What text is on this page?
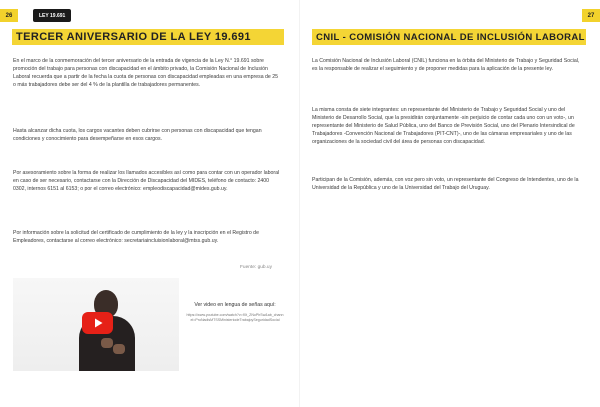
26	LEY 19.691
TERCER ANIVERSARIO DE LA LEY 19.691
En el marco de la conmemoración del tercer aniversario de la entrada de vigencia de la Ley N.° 19.691 sobre promoción del trabajo para personas con discapacidad en el ámbito privado, la Comisión Nacional de Inclusión Laboral recuerda que a partir de la fecha la cuota de personas con discapacidad empleadas en una empresa de 25 o más trabajadores debe ser del 4 % de la plantilla de trabajadores permanentes.
Hasta alcanzar dicha cuota, los cargos vacantes deben cubrirse con personas con discapacidad que tengan condiciones y conocimiento para desempeñarse en esos cargos.
Por asesoramiento sobre la forma de realizar los llamados accesibles así como para contar con un operador laboral en caso de ser necesario, contactarse con la Dirección de Discapacidad del MIDES, teléfono de contacto: 2400 0302, internos 6151 al 6153; o por el correo electrónico: empleodiscapacidad@mides.gub.uy.
Por información sobre la solicitud del certificado de cumplimiento de la ley y la inscripción en el Registro de Empleadores, contactarse al correo electrónico: secretariaincluisionlaboral@mtss.gub.uy.
Fuente: gub.uy
Ver video en lengua de señas aquí:
https://www.youtube.com/watch?v=fXt_ZNoPhSw&ab_channel=ProNadisMTSSMinisteriodeTrabajoySeguridadSocial
27
CNIL - COMISIÓN NACIONAL DE INCLUSIÓN LABORAL
La Comisión Nacional de Inclusión Laboral (CNIL) funciona en la órbita del Ministerio de Trabajo y Seguridad Social, es la responsable de realizar el seguimiento y de proponer medidas para la aplicación de la presente ley.
La misma consta de siete integrantes: un representante del Ministerio de Trabajo y Seguridad Social y uno del Ministerio de Desarrollo Social, que la presidirán conjuntamente -sin perjuicio de contar cada uno con un voto-, un representante del Ministerio de Salud Pública, uno del Banco de Previsión Social, uno del Plenario Intersindical de Trabajadores -Convención Nacional de Trabajadores (PIT-CNT)-, uno de las cámaras empresariales y uno de las organizaciones de la sociedad civil del área de personas con discapacidad.
Participan de la Comisión, además, con voz pero sin voto, un representante del Congreso de Intendentes, uno de la Universidad de la República y uno de la Universidad del Trabajo del Uruguay.
